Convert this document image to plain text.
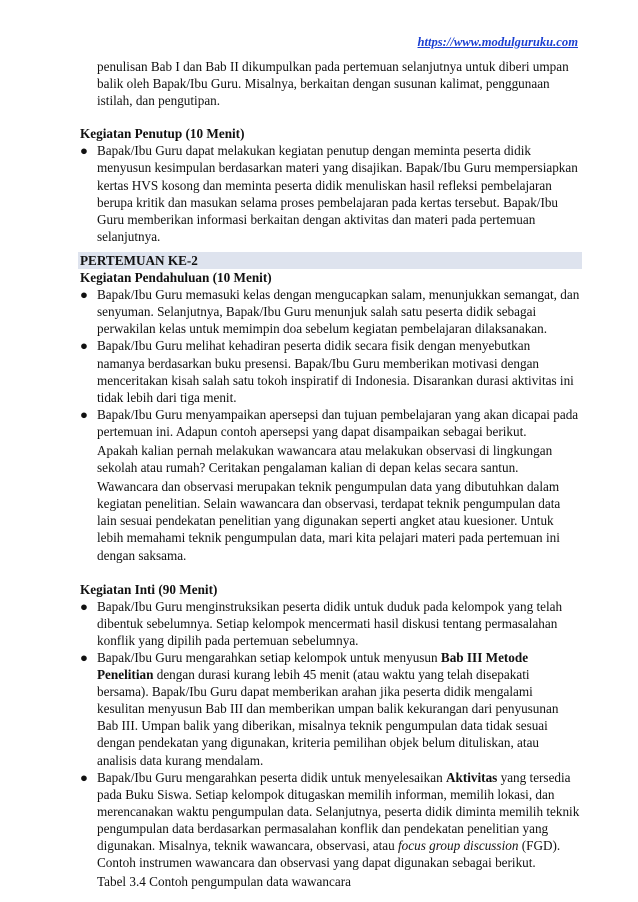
https://www.modulguruku.com

penulisan Bab I dan Bab II dikumpulkan pada pertemuan selanjutnya untuk diberi umpan balik oleh Bapak/Ibu Guru. Misalnya, berkaitan dengan susunan kalimat, penggunaan istilah, dan pengutipan.

Kegiatan Penutup (10 Menit)

● Bapak/Ibu Guru dapat melakukan kegiatan penutup dengan meminta peserta didik menyusun kesimpulan berdasarkan materi yang disajikan. Bapak/Ibu Guru mempersiapkan kertas HVS kosong dan meminta peserta didik menuliskan hasil refleksi pembelajaran berupa kritik dan masukan selama proses pembelajaran pada kertas tersebut. Bapak/Ibu Guru memberikan informasi berkaitan dengan aktivitas dan materi pada pertemuan selanjutnya.

PERTEMUAN KE-2

Kegiatan Pendahuluan (10 Menit)

● Bapak/Ibu Guru memasuki kelas dengan mengucapkan salam, menunjukkan semangat, dan senyuman. Selanjutnya, Bapak/Ibu Guru menunjuk salah satu peserta didik sebagai perwakilan kelas untuk memimpin doa sebelum kegiatan pembelajaran dilaksanakan.
● Bapak/Ibu Guru melihat kehadiran peserta didik secara fisik dengan menyebutkan namanya berdasarkan buku presensi. Bapak/Ibu Guru memberikan motivasi dengan menceritakan kisah salah satu tokoh inspiratif di Indonesia. Disarankan durasi aktivitas ini tidak lebih dari tiga menit.
● Bapak/Ibu Guru menyampaikan apersepsi dan tujuan pembelajaran yang akan dicapai pada pertemuan ini. Adapun contoh apersepsi yang dapat disampaikan sebagai berikut.

Apakah kalian pernah melakukan wawancara atau melakukan observasi di lingkungan sekolah atau rumah? Ceritakan pengalaman kalian di depan kelas secara santun.

Wawancara dan observasi merupakan teknik pengumpulan data yang dibutuhkan dalam kegiatan penelitian. Selain wawancara dan observasi, terdapat teknik pengumpulan data lain sesuai pendekatan penelitian yang digunakan seperti angket atau kuesioner. Untuk lebih memahami teknik pengumpulan data, mari kita pelajari materi pada pertemuan ini dengan saksama.

Kegiatan Inti (90 Menit)

● Bapak/Ibu Guru menginstruksikan peserta didik untuk duduk pada kelompok yang telah dibentuk sebelumnya. Setiap kelompok mencermati hasil diskusi tentang permasalahan konflik yang dipilih pada pertemuan sebelumnya.
● Bapak/Ibu Guru mengarahkan setiap kelompok untuk menyusun Bab III Metode Penelitian dengan durasi kurang lebih 45 menit (atau waktu yang telah disepakati bersama). Bapak/Ibu Guru dapat memberikan arahan jika peserta didik mengalami kesulitan menyusun Bab III dan memberikan umpan balik kekurangan dari penyusunan Bab III. Umpan balik yang diberikan, misalnya teknik pengumpulan data tidak sesuai dengan pendekatan yang digunakan, kriteria pemilihan objek belum dituliskan, atau analisis data kurang mendalam.
● Bapak/Ibu Guru mengarahkan peserta didik untuk menyelesaikan Aktivitas yang tersedia pada Buku Siswa. Setiap kelompok ditugaskan memilih informan, memilih lokasi, dan merencanakan waktu pengumpulan data. Selanjutnya, peserta didik diminta memilih teknik pengumpulan data berdasarkan permasalahan konflik dan pendekatan penelitian yang digunakan. Misalnya, teknik wawancara, observasi, atau focus group discussion (FGD). Contoh instrumen wawancara dan observasi yang dapat digunakan sebagai berikut.

Tabel 3.4 Contoh pengumpulan data wawancara
